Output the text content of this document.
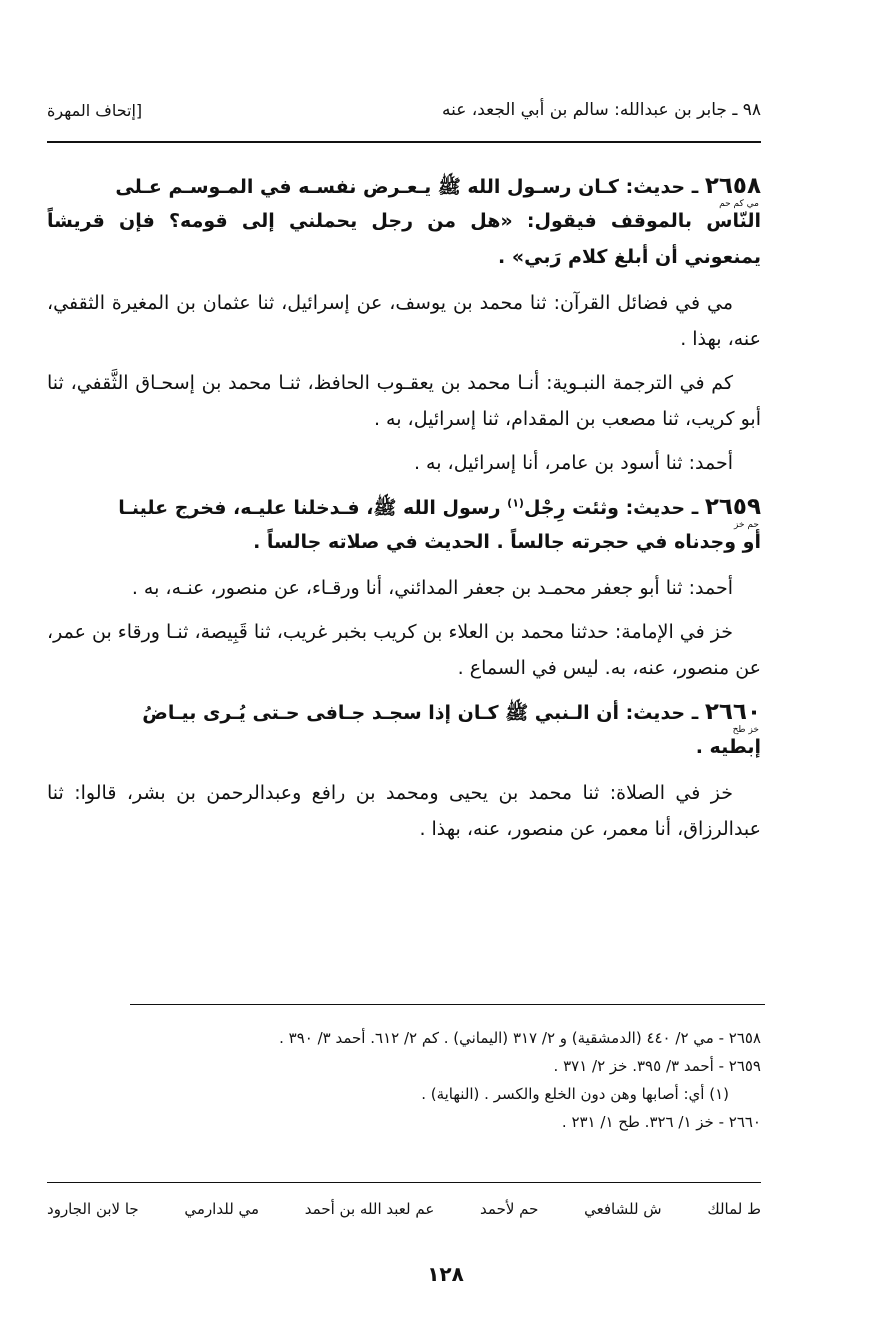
٩٨ ـ جابر بن عبدالله: سالم بن أبي الجعد، عنه
[إتحاف المهرة
٢٦٥٨ ـ حديث: كـان رسـول الله ﷺ يـعـرض نفسـه في المـوسـم عـلى
مي كم حم
النّاس بالموقف فيقول: «هل من رجل يحملني إلى قومه؟ فإن قريشاً يمنعوني أن أبلغ كلام رَبي» .
مي في فضائل القرآن: ثنا محمد بن يوسف، عن إسرائيل، ثنا عثمان بن المغيرة الثقفي، عنه، بهذا .
كم في الترجمة النبـوية: أنـا محمد بن يعقـوب الحافظ، ثنـا محمد بن إسحـاق الثَّقفي، ثنا أبو كريب، ثنا مصعب بن المقدام، ثنا إسرائيل، به .
أحمد: ثنا أسود بن عامر، أنا إسرائيل، به .
٢٦٥٩ ـ حديث: وثئت رِجْل$^{(١)}$ رسول الله ﷺ، فـدخلنا عليـه، فخرج علينـا
حم خز
أو وجدناه في حجرته جالساً . الحديث في صلاته جالساً .
أحمد: ثنا أبو جعفر محمـد بن جعفر المدائني، أنا ورقـاء، عن منصور، عنـه، به .
خز في الإمامة: حدثنا محمد بن العلاء بن كريب بخبر غريب، ثنا قَبِيصة، ثنـا ورقاء بن عمر، عن منصور، عنه، به. ليس في السماع .
٢٦٦٠ ـ حديث: أن الـنبي ﷺ كـان إذا سجـد جـافى حـتى يُـرى بيـاضُ
خز طح
إبطيه .
خز في الصلاة: ثنا محمد بن يحيى ومحمد بن رافع وعبدالرحمن بن بشر، قالوا: ثنا عبدالرزاق، أنا معمر، عن منصور، عنه، بهذا .
٢٦٥٨ - مي ٢/ ٤٤٠ (الدمشقية) و ٢/ ٣١٧ (اليماني) . كم ٢/ ٦١٢. أحمد ٣/ ٣٩٠ .
٢٦٥٩ - أحمد ٣/ ٣٩٥. خز ٢/ ٣٧١ .
(١) أي: أصابها وهن دون الخلع والكسر . (النهاية) .
٢٦٦٠ - خز ١/ ٣٢٦. طح ١/ ٢٣١ .
ط لمالك
ش للشافعي
حم لأحمد
عم لعبد الله بن أحمد
مي للدارمي
جا لابن الجارود
١٢٨
